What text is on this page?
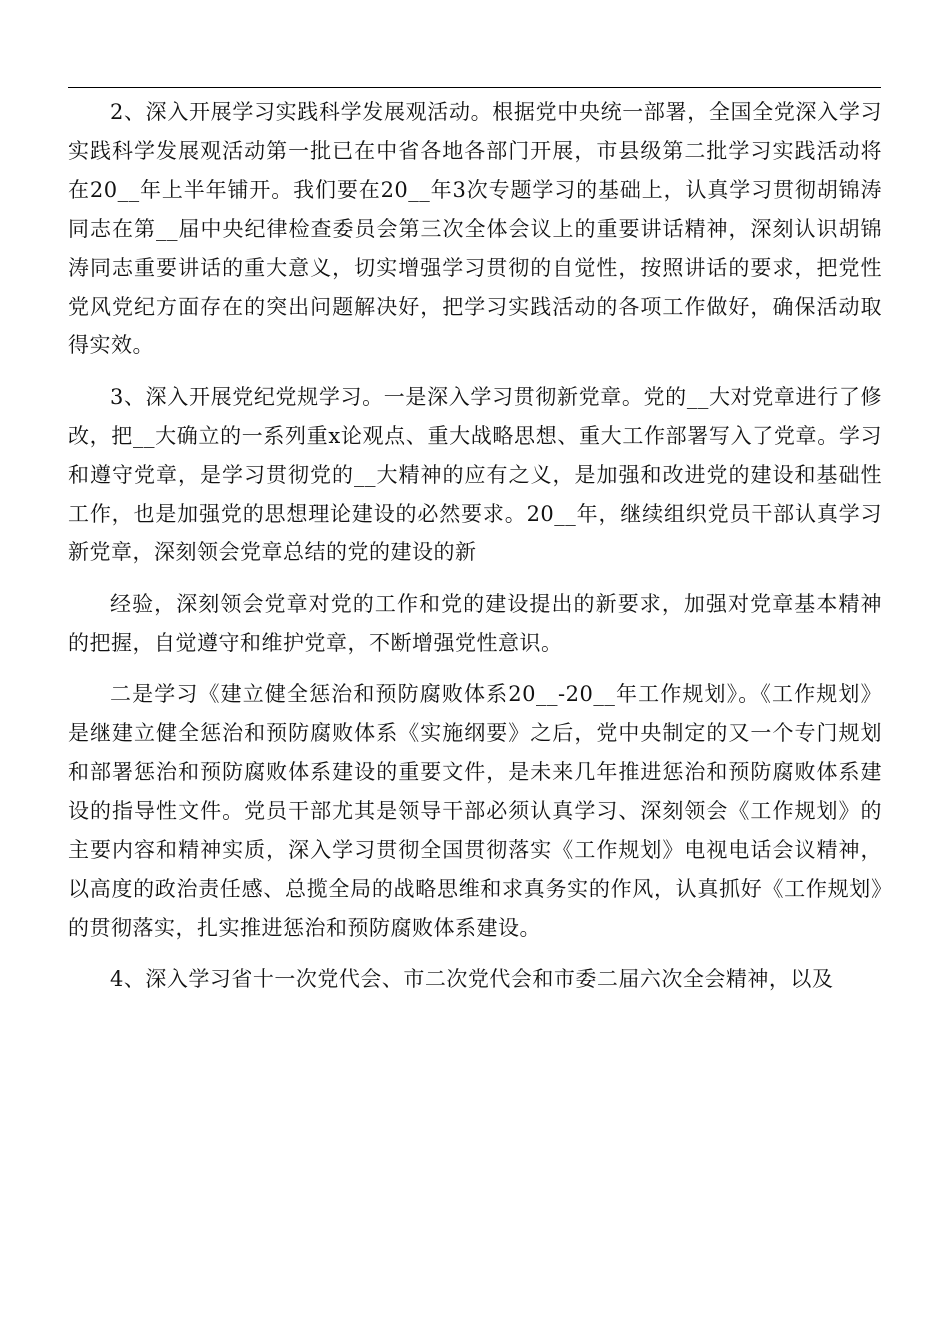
2、深入开展学习实践科学发展观活动。根据党中央统一部署，全国全党深入学习实践科学发展观活动第一批已在中省各地各部门开展，市县级第二批学习实践活动将在20__年上半年铺开。我们要在20__年3次专题学习的基础上，认真学习贯彻胡锦涛同志在第__届中央纪律检查委员会第三次全体会议上的重要讲话精神，深刻认识胡锦涛同志重要讲话的重大意义，切实增强学习贯彻的自觉性，按照讲话的要求，把党性党风党纪方面存在的突出问题解决好，把学习实践活动的各项工作做好，确保活动取得实效。

3、深入开展党纪党规学习。一是深入学习贯彻新党章。党的__大对党章进行了修改，把__大确立的一系列重x论观点、重大战略思想、重大工作部署写入了党章。学习和遵守党章，是学习贯彻党的__大精神的应有之义，是加强和改进党的建设和基础性工作，也是加强党的思想理论建设的必然要求。20__年，继续组织党员干部认真学习新党章，深刻领会党章总结的党的建设的新

经验，深刻领会党章对党的工作和党的建设提出的新要求，加强对党章基本精神的把握，自觉遵守和维护党章，不断增强党性意识。

二是学习《建立健全惩治和预防腐败体系20__-20__年工作规划》。《工作规划》是继建立健全惩治和预防腐败体系《实施纲要》之后，党中央制定的又一个专门规划和部署惩治和预防腐败体系建设的重要文件，是未来几年推进惩治和预防腐败体系建设的指导性文件。党员干部尤其是领导干部必须认真学习、深刻领会《工作规划》的主要内容和精神实质，深入学习贯彻全国贯彻落实《工作规划》电视电话会议精神，以高度的政治责任感、总揽全局的战略思维和求真务实的作风，认真抓好《工作规划》的贯彻落实，扎实推进惩治和预防腐败体系建设。

4、深入学习省十一次党代会、市二次党代会和市委二届六次全会精神，以及
